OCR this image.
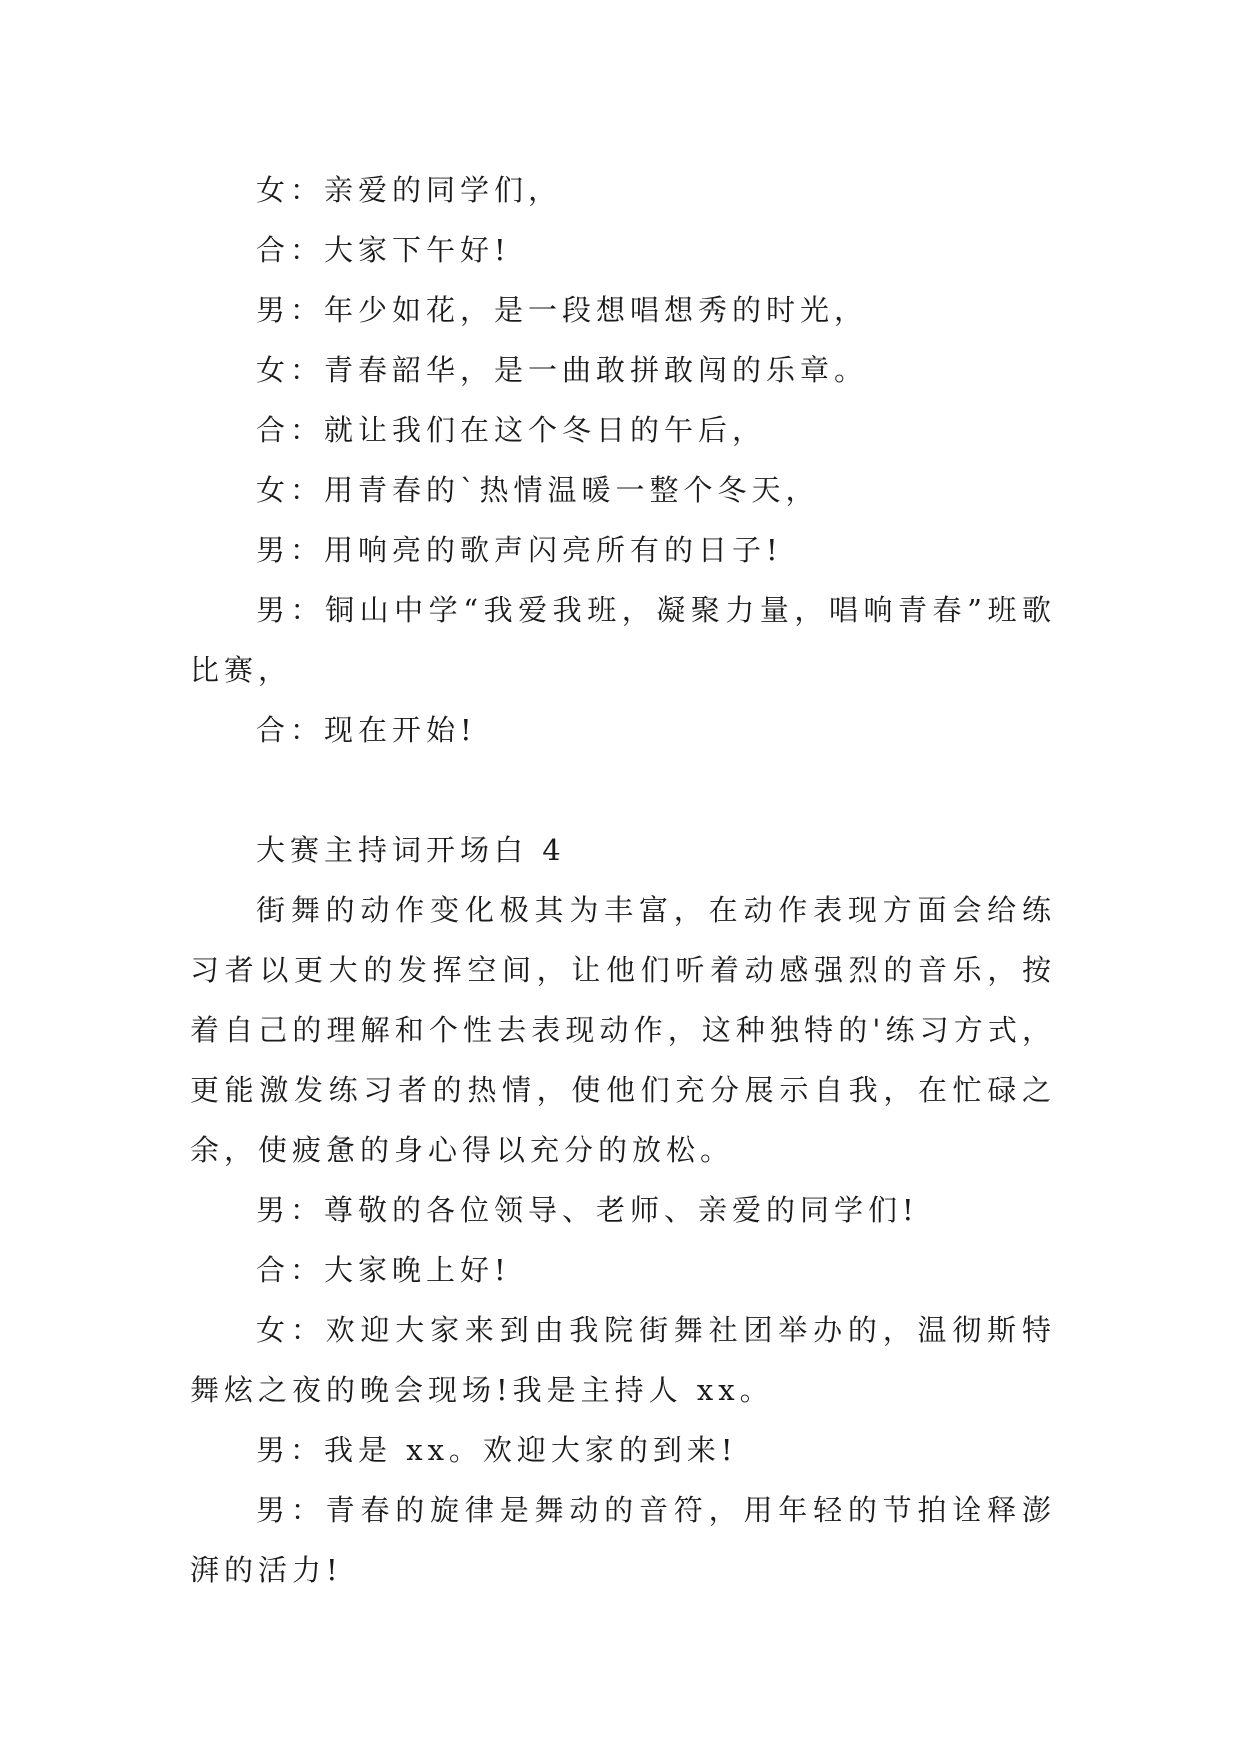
女：亲爱的同学们，

合：大家下午好!

男：年少如花，是一段想唱想秀的时光，

女：青春韶华，是一曲敢拼敢闯的乐章。

合：就让我们在这个冬日的午后，

女：用青春的`热情温暖一整个冬天，

男：用响亮的歌声闪亮所有的日子!

男：铜山中学“我爱我班，凝聚力量，唱响青春”班歌比赛，

合：现在开始!

大赛主持词开场白 4

街舞的动作变化极其为丰富，在动作表现方面会给练习者以更大的发挥空间，让他们听着动感强烈的音乐，按着自己的理解和个性去表现动作，这种独特的'练习方式，更能激发练习者的热情，使他们充分展示自我，在忙碌之余，使疲惫的身心得以充分的放松。

男：尊敬的各位领导、老师、亲爱的同学们!

合：大家晚上好!

女：欢迎大家来到由我院街舞社团举办的，温彻斯特舞炫之夜的晚会现场!我是主持人 xx。

男：我是 xx。欢迎大家的到来!

男：青春的旋律是舞动的音符，用年轻的节拍诠释澎湃的活力!
